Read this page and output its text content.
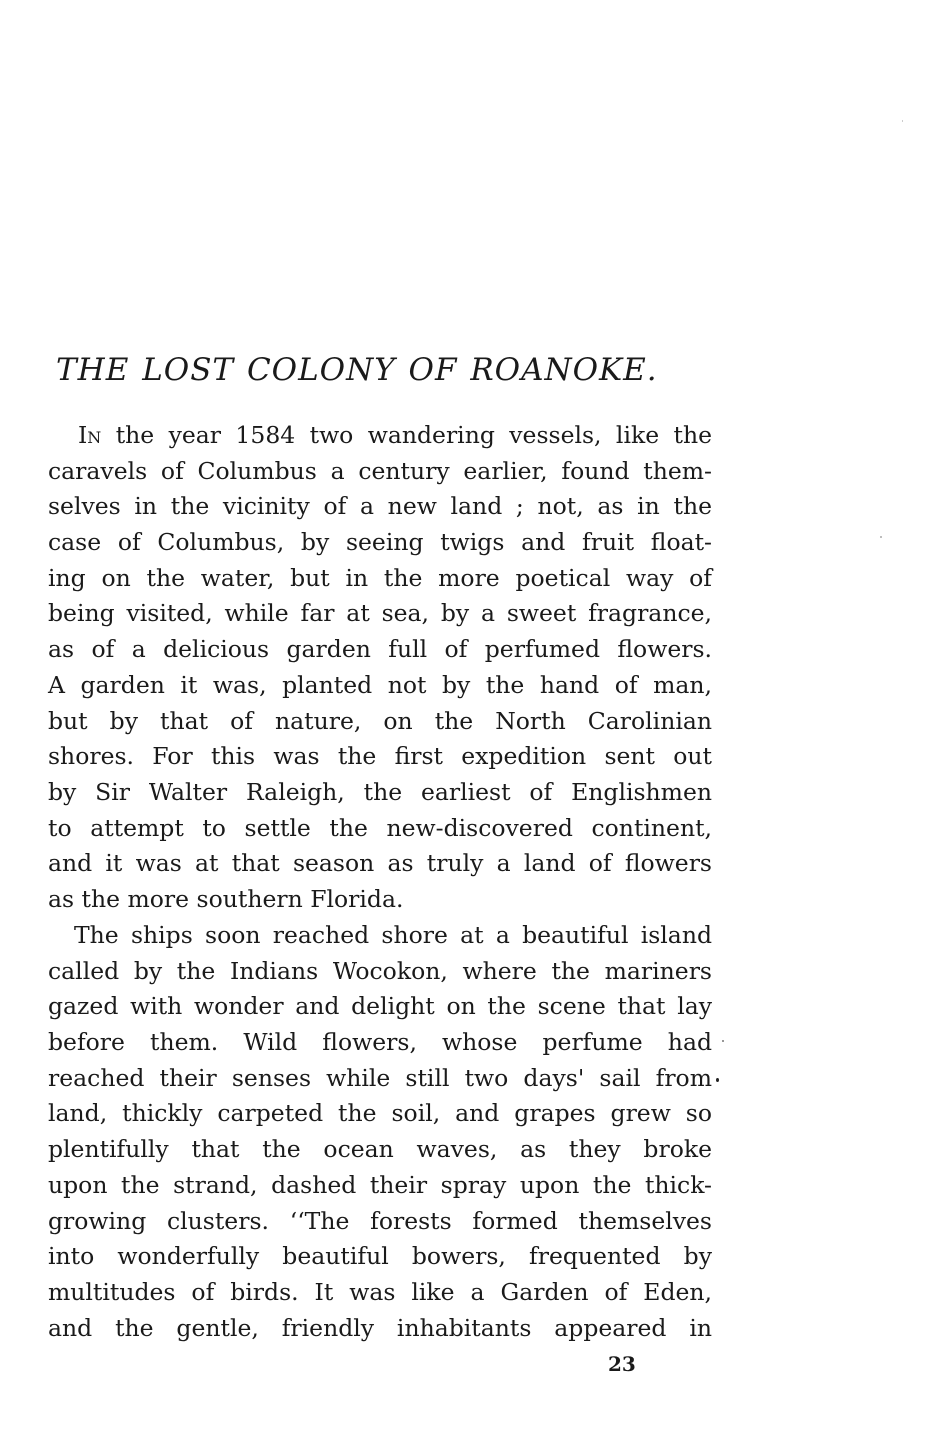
THE LOST COLONY OF ROANOKE.
In the year 1584 two wandering vessels, like the
caravels of Columbus a century earlier, found them-
selves in the vicinity of a new land ; not, as in the
case of Columbus, by seeing twigs and fruit float-
ing on the water, but in the more poetical way of
being visited, while far at sea, by a sweet fragrance,
as of a delicious garden full of perfumed flowers.
A garden it was, planted not by the hand of man,
but by that of nature, on the North Carolinian
shores. For this was the first expedition sent out
by Sir Walter Raleigh, the earliest of Englishmen
to attempt to settle the new-discovered continent,
and it was at that season as truly a land of flowers
as the more southern Florida.
The ships soon reached shore at a beautiful island
called by the Indians Wocokon, where the mariners
gazed with wonder and delight on the scene that lay
before them. Wild flowers, whose perfume had
reached their senses while still two days' sail from
land, thickly carpeted the soil, and grapes grew so
plentifully that the ocean waves, as they broke
upon the strand, dashed their spray upon the thick-
growing clusters. ‘‘The forests formed themselves
into wonderfully beautiful bowers, frequented by
multitudes of birds. It was like a Garden of Eden,
and the gentle, friendly inhabitants appeared in
23
